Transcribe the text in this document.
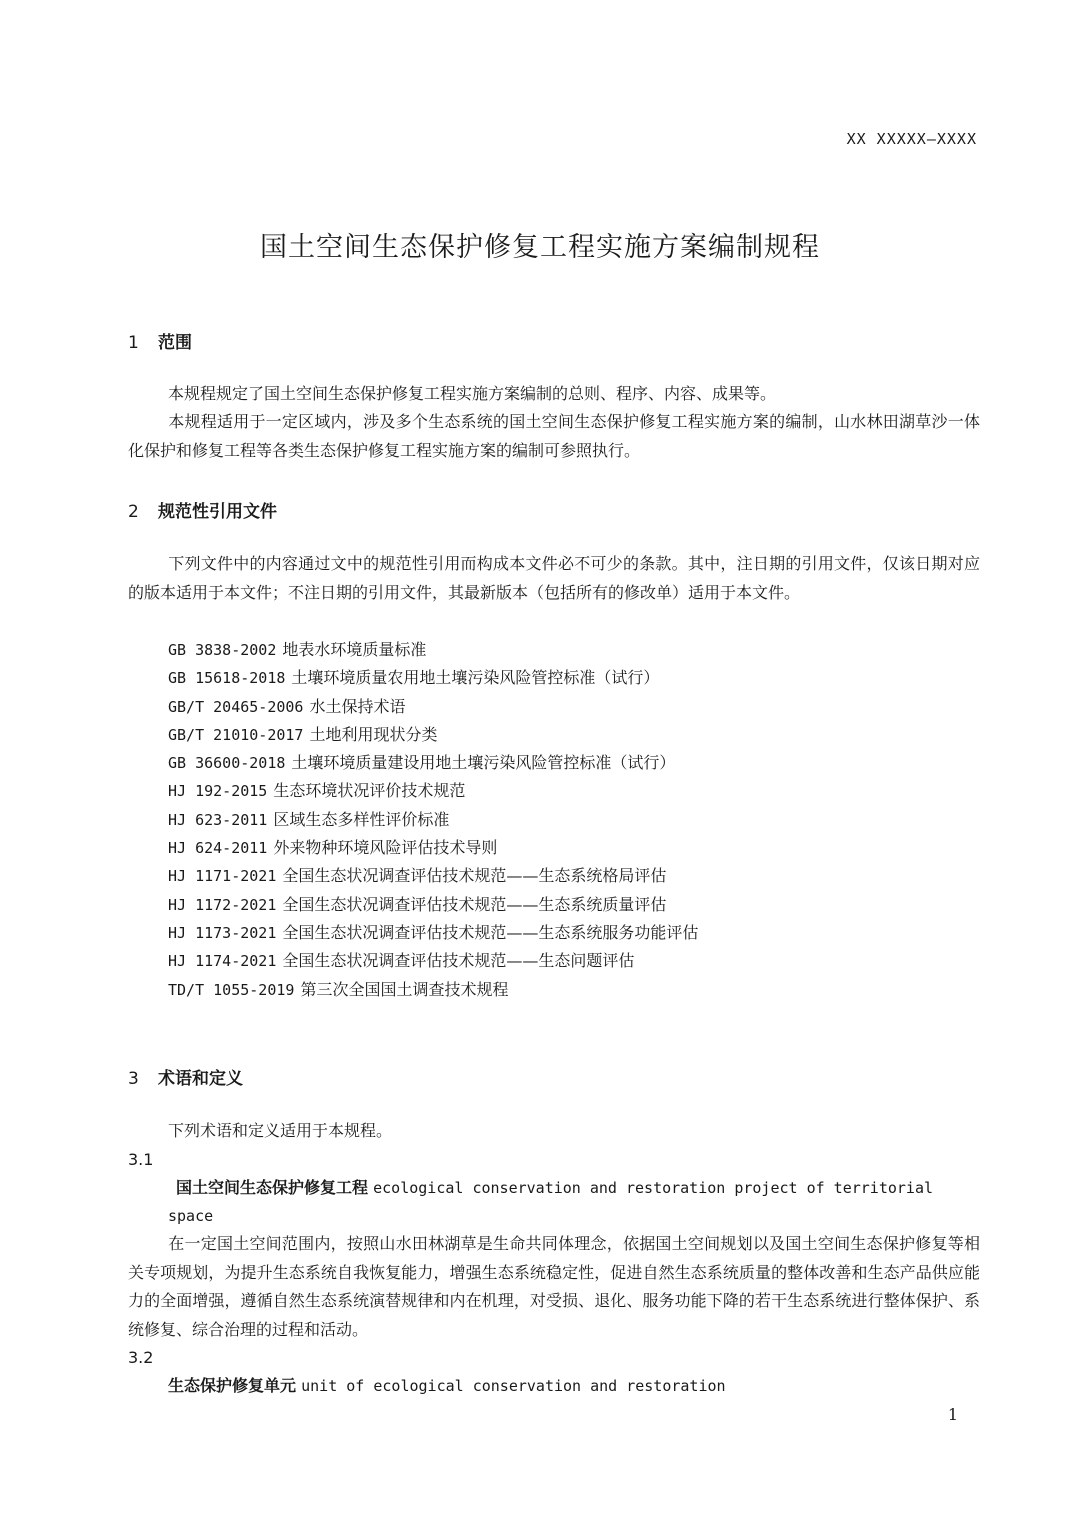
XX XXXXX—XXXX
国土空间生态保护修复工程实施方案编制规程
1 范围
本规程规定了国土空间生态保护修复工程实施方案编制的总则、程序、内容、成果等。
本规程适用于一定区域内，涉及多个生态系统的国土空间生态保护修复工程实施方案的编制，山水林田湖草沙一体化保护和修复工程等各类生态保护修复工程实施方案的编制可参照执行。
2 规范性引用文件
下列文件中的内容通过文中的规范性引用而构成本文件必不可少的条款。其中，注日期的引用文件，仅该日期对应的版本适用于本文件；不注日期的引用文件，其最新版本（包括所有的修改单）适用于本文件。
GB 3838-2002 地表水环境质量标准
GB 15618-2018 土壤环境质量农用地土壤污染风险管控标准（试行）
GB/T 20465-2006 水土保持术语
GB/T 21010-2017 土地利用现状分类
GB 36600-2018 土壤环境质量建设用地土壤污染风险管控标准（试行）
HJ 192-2015 生态环境状况评价技术规范
HJ 623-2011 区域生态多样性评价标准
HJ 624-2011 外来物种环境风险评估技术导则
HJ 1171-2021 全国生态状况调查评估技术规范——生态系统格局评估
HJ 1172-2021 全国生态状况调查评估技术规范——生态系统质量评估
HJ 1173-2021 全国生态状况调查评估技术规范——生态系统服务功能评估
HJ 1174-2021 全国生态状况调查评估技术规范——生态问题评估
TD/T 1055-2019 第三次全国国土调查技术规程
3 术语和定义
下列术语和定义适用于本规程。
3.1
国土空间生态保护修复工程 ecological conservation and restoration project of territorial
space
在一定国土空间范围内，按照山水田林湖草是生命共同体理念，依据国土空间规划以及国土空间生态保护修复等相关专项规划，为提升生态系统自我恢复能力，增强生态系统稳定性，促进自然生态系统质量的整体改善和生态产品供应能力的全面增强，遵循自然生态系统演替规律和内在机理，对受损、退化、服务功能下降的若干生态系统进行整体保护、系统修复、综合治理的过程和活动。
3.2
生态保护修复单元 unit of ecological conservation and restoration
1
